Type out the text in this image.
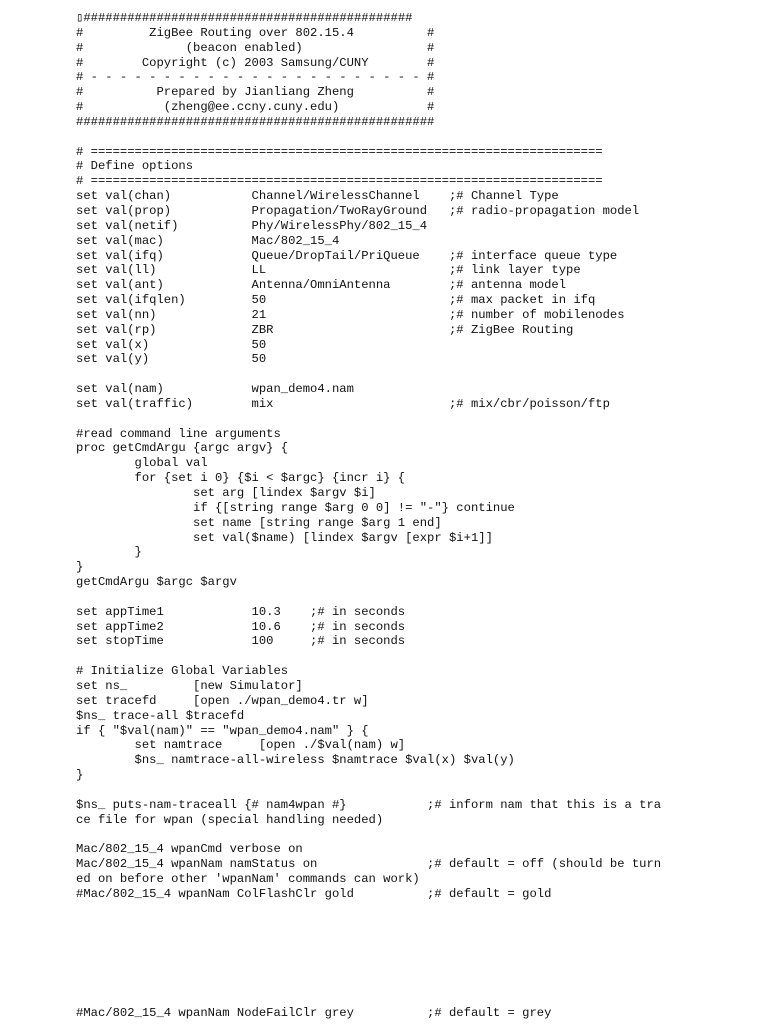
▯#############################################
#         ZigBee Routing over 802.15.4          #
#              (beacon enabled)                 #
#        Copyright (c) 2003 Samsung/CUNY        #
# - - - - - - - - - - - - - - - - - - - - - - - #
#          Prepared by Jianliang Zheng          #
#           (zheng@ee.ccny.cuny.edu)            #
#################################################
# ======================================================================
# Define options
# ======================================================================
set val(chan)           Channel/WirelessChannel    ;# Channel Type
set val(prop)           Propagation/TwoRayGround   ;# radio-propagation model
set val(netif)          Phy/WirelessPhy/802_15_4
set val(mac)            Mac/802_15_4
set val(ifq)            Queue/DropTail/PriQueue    ;# interface queue type
set val(ll)             LL                         ;# link layer type
set val(ant)            Antenna/OmniAntenna        ;# antenna model
set val(ifqlen)         50                         ;# max packet in ifq
set val(nn)             21                         ;# number of mobilenodes
set val(rp)             ZBR                        ;# ZigBee Routing
set val(x)              50
set val(y)              50
set val(nam)            wpan_demo4.nam
set val(traffic)        mix                        ;# mix/cbr/poisson/ftp
#read command line arguments
proc getCmdArgu {argc argv} {
global val
for {set i 0} {$i < $argc} {incr i} {
set arg [lindex $argv $i]
if {[string range $arg 0 0] != "-"} continue
set name [string range $arg 1 end]
set val($name) [lindex $argv [expr $i+1]]
}
}
getCmdArgu $argc $argv
set appTime1            10.3    ;# in seconds
set appTime2            10.6    ;# in seconds
set stopTime            100     ;# in seconds
# Initialize Global Variables
set ns_         [new Simulator]
set tracefd     [open ./wpan_demo4.tr w]
$ns_ trace-all $tracefd
if { "$val(nam)" == "wpan_demo4.nam" } {
set namtrace     [open ./$val(nam) w]
$ns_ namtrace-all-wireless $namtrace $val(x) $val(y)
}
$ns_ puts-nam-traceall {# nam4wpan #}           ;# inform nam that this is a tra
ce file for wpan (special handling needed)
Mac/802_15_4 wpanCmd verbose on
Mac/802_15_4 wpanNam namStatus on               ;# default = off (should be turn
ed on before other 'wpanNam' commands can work)
#Mac/802_15_4 wpanNam ColFlashClr gold          ;# default = gold
#Mac/802_15_4 wpanNam NodeFailClr grey          ;# default = grey
